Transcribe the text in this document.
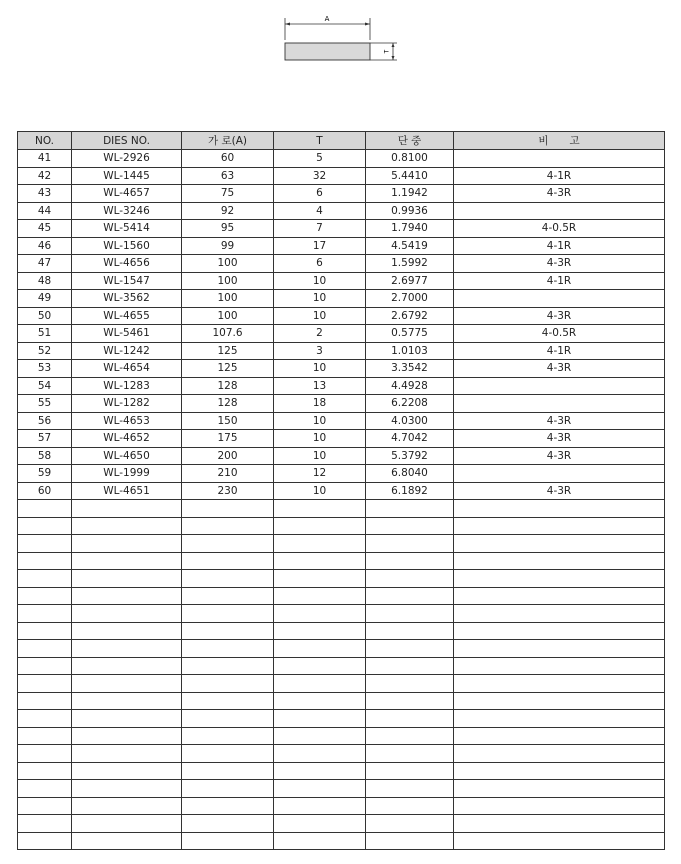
A
T
NO.	DIES NO.	가 로(A)	T	단 중	비　　고
41	WL-2926	60	5	0.8100	
42	WL-1445	63	32	5.4410	4-1R
43	WL-4657	75	6	1.1942	4-3R
44	WL-3246	92	4	0.9936	
45	WL-5414	95	7	1.7940	4-0.5R
46	WL-1560	99	17	4.5419	4-1R
47	WL-4656	100	6	1.5992	4-3R
48	WL-1547	100	10	2.6977	4-1R
49	WL-3562	100	10	2.7000	
50	WL-4655	100	10	2.6792	4-3R
51	WL-5461	107.6	2	0.5775	4-0.5R
52	WL-1242	125	3	1.0103	4-1R
53	WL-4654	125	10	3.3542	4-3R
54	WL-1283	128	13	4.4928	
55	WL-1282	128	18	6.2208	
56	WL-4653	150	10	4.0300	4-3R
57	WL-4652	175	10	4.7042	4-3R
58	WL-4650	200	10	5.3792	4-3R
59	WL-1999	210	12	6.8040	
60	WL-4651	230	10	6.1892	4-3R
